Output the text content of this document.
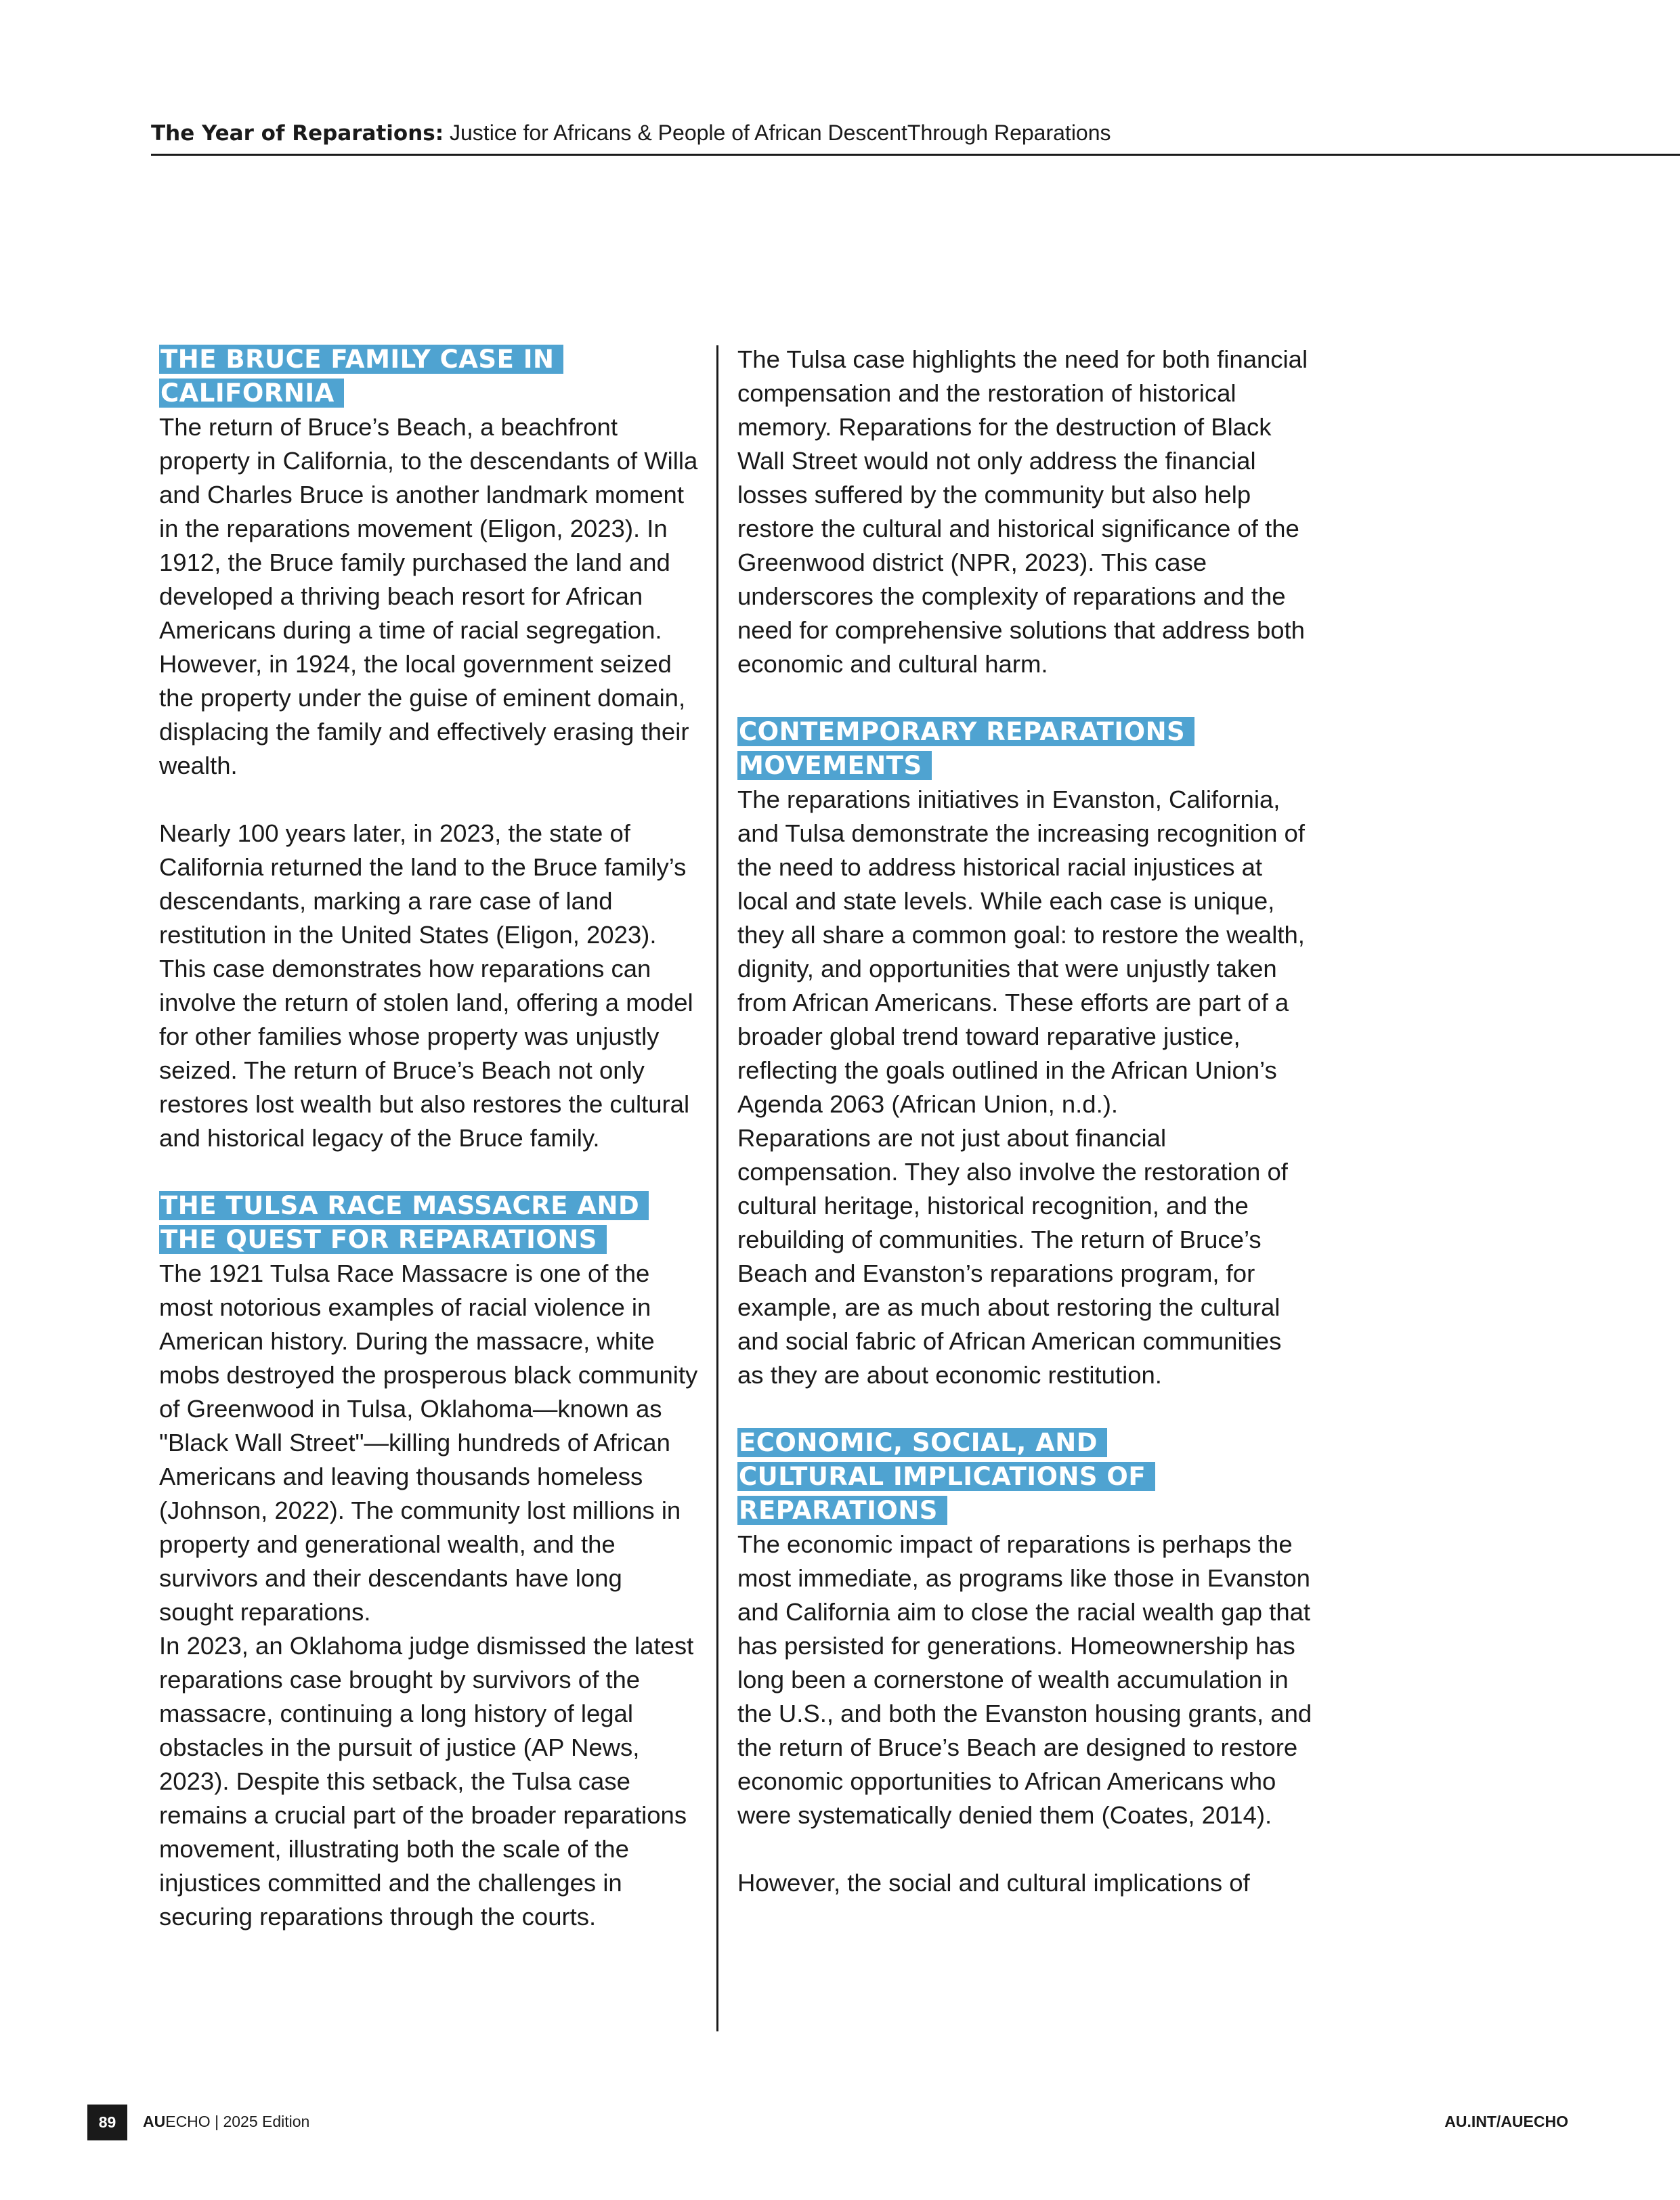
The Year of Reparations: Justice for Africans & People of African DescentThrough Reparations
THE BRUCE FAMILY CASE IN
CALIFORNIA

The return of Bruce’s Beach, a beachfront property in California, to the descendants of Willa and Charles Bruce is another landmark moment in the reparations movement (Eligon, 2023). In 1912, the Bruce family purchased the land and developed a thriving beach resort for African Americans during a time of racial segregation. However, in 1924, the local government seized the property under the guise of eminent domain, displacing the family and effectively erasing their wealth.

Nearly 100 years later, in 2023, the state of California returned the land to the Bruce family’s descendants, marking a rare case of land restitution in the United States (Eligon, 2023). This case demonstrates how reparations can involve the return of stolen land, offering a model for other families whose property was unjustly seized. The return of Bruce’s Beach not only restores lost wealth but also restores the cultural and historical legacy of the Bruce family.

THE TULSA RACE MASSACRE AND
THE QUEST FOR REPARATIONS

The 1921 Tulsa Race Massacre is one of the most notorious examples of racial violence in American history. During the massacre, white mobs destroyed the prosperous black community of Greenwood in Tulsa, Oklahoma—known as "Black Wall Street"—killing hundreds of African Americans and leaving thousands homeless (Johnson, 2022). The community lost millions in property and generational wealth, and the survivors and their descendants have long sought reparations.

In 2023, an Oklahoma judge dismissed the latest reparations case brought by survivors of the massacre, continuing a long history of legal obstacles in the pursuit of justice (AP News, 2023). Despite this setback, the Tulsa case remains a crucial part of the broader reparations movement, illustrating both the scale of the injustices committed and the challenges in securing reparations through the courts.

The Tulsa case highlights the need for both financial compensation and the restoration of historical memory. Reparations for the destruction of Black Wall Street would not only address the financial losses suffered by the community but also help restore the cultural and historical significance of the Greenwood district (NPR, 2023). This case underscores the complexity of reparations and the need for comprehensive solutions that address both economic and cultural harm.

CONTEMPORARY REPARATIONS
MOVEMENTS

The reparations initiatives in Evanston, California, and Tulsa demonstrate the increasing recognition of the need to address historical racial injustices at local and state levels. While each case is unique, they all share a common goal: to restore the wealth, dignity, and opportunities that were unjustly taken from African Americans. These efforts are part of a broader global trend toward reparative justice, reflecting the goals outlined in the African Union’s Agenda 2063 (African Union, n.d.).

Reparations are not just about financial compensation. They also involve the restoration of cultural heritage, historical recognition, and the rebuilding of communities. The return of Bruce’s Beach and Evanston’s reparations program, for example, are as much about restoring the cultural and social fabric of African American communities as they are about economic restitution.

ECONOMIC, SOCIAL, AND
CULTURAL IMPLICATIONS OF
REPARATIONS

The economic impact of reparations is perhaps the most immediate, as programs like those in Evanston and California aim to close the racial wealth gap that has persisted for generations. Homeownership has long been a cornerstone of wealth accumulation in the U.S., and both the Evanston housing grants, and the return of Bruce’s Beach are designed to restore economic opportunities to African Americans who were systematically denied them (Coates, 2014).

However, the social and cultural implications of

89	AUECHO | 2025 Edition	AU.INT/AUECHO
